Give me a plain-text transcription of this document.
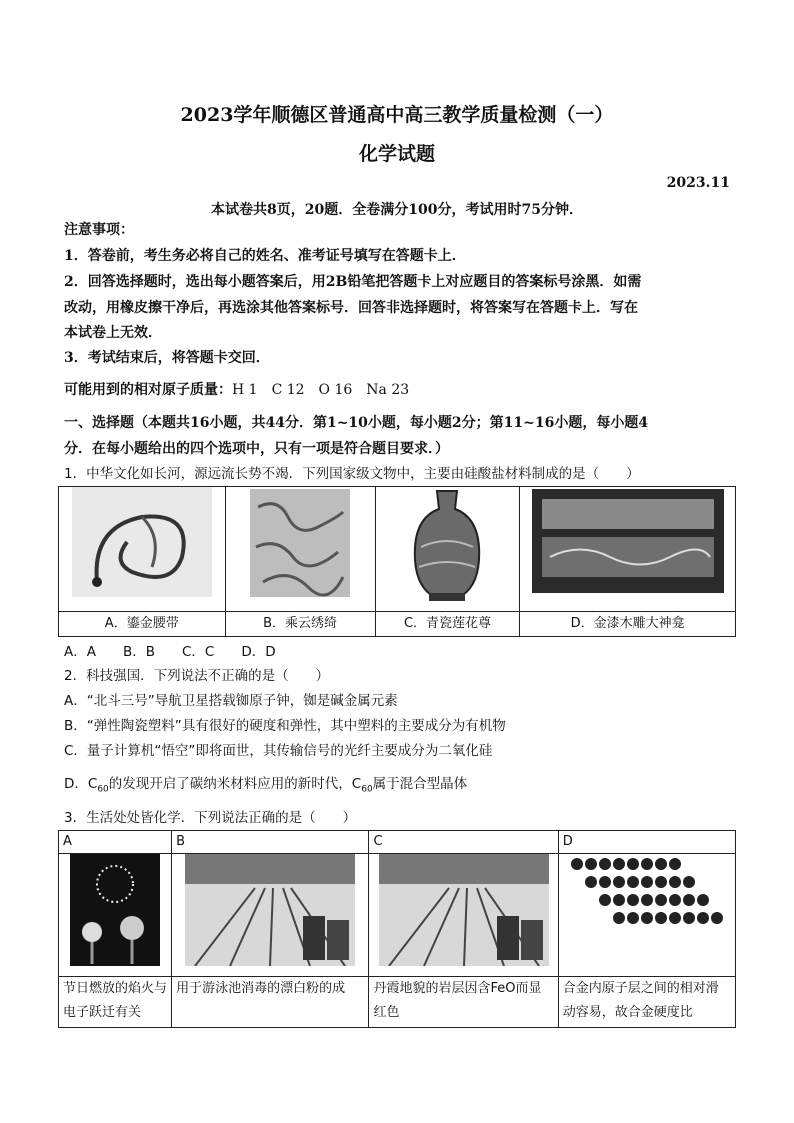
2023学年顺德区普通高中高三教学质量检测（一）
化学试题
2023.11
本试卷共8页，20题．全卷满分100分，考试用时75分钟．
注意事项：
1．答卷前，考生务必将自己的姓名、准考证号填写在答题卡上．
2．回答选择题时，选出每小题答案后，用2B铅笔把答题卡上对应题目的答案标号涂黑．如需
改动，用橡皮擦干净后，再选涂其他答案标号．回答非选择题时，将答案写在答题卡上．写在
本试卷上无效．
3．考试结束后，将答题卡交回．
可能用到的相对原子质量：H 1　C 12　O 16　Na 23
一、选择题（本题共16小题，共44分．第1~10小题，每小题2分；第11~16小题，每小题4
分．在每小题给出的四个选项中，只有一项是符合题目要求．）
1．中华文化如长河，源远流长势不竭．下列国家级文物中，主要由硅酸盐材料制成的是（　　）

A．鎏金腰带	B．乘云绣绮	C．青瓷莲花尊	D．金漆木雕大神龛
A．A　　B．B　　C．C　　D．D
2．科技强国．下列说法不正确的是（　　）
A．“北斗三号”导航卫星搭载铷原子钟，铷是碱金属元素
B．“弹性陶瓷塑料”具有很好的硬度和弹性，其中塑料的主要成分为有机物
C．量子计算机“悟空”即将面世，其传输信号的光纤主要成分为二氧化硅
D．$C_{60}$的发现开启了碳纳米材料应用的新时代，$C_{60}$属于混合型晶体
3．生活处处皆化学．下列说法正确的是（　　）
A	B	C	D

节日燃放的焰火与电子跃迁有关	用于游泳池消毒的漂白粉的成	丹霞地貌的岩层因含FeO而显红色	合金内原子层之间的相对滑动容易，故合金硬度比
